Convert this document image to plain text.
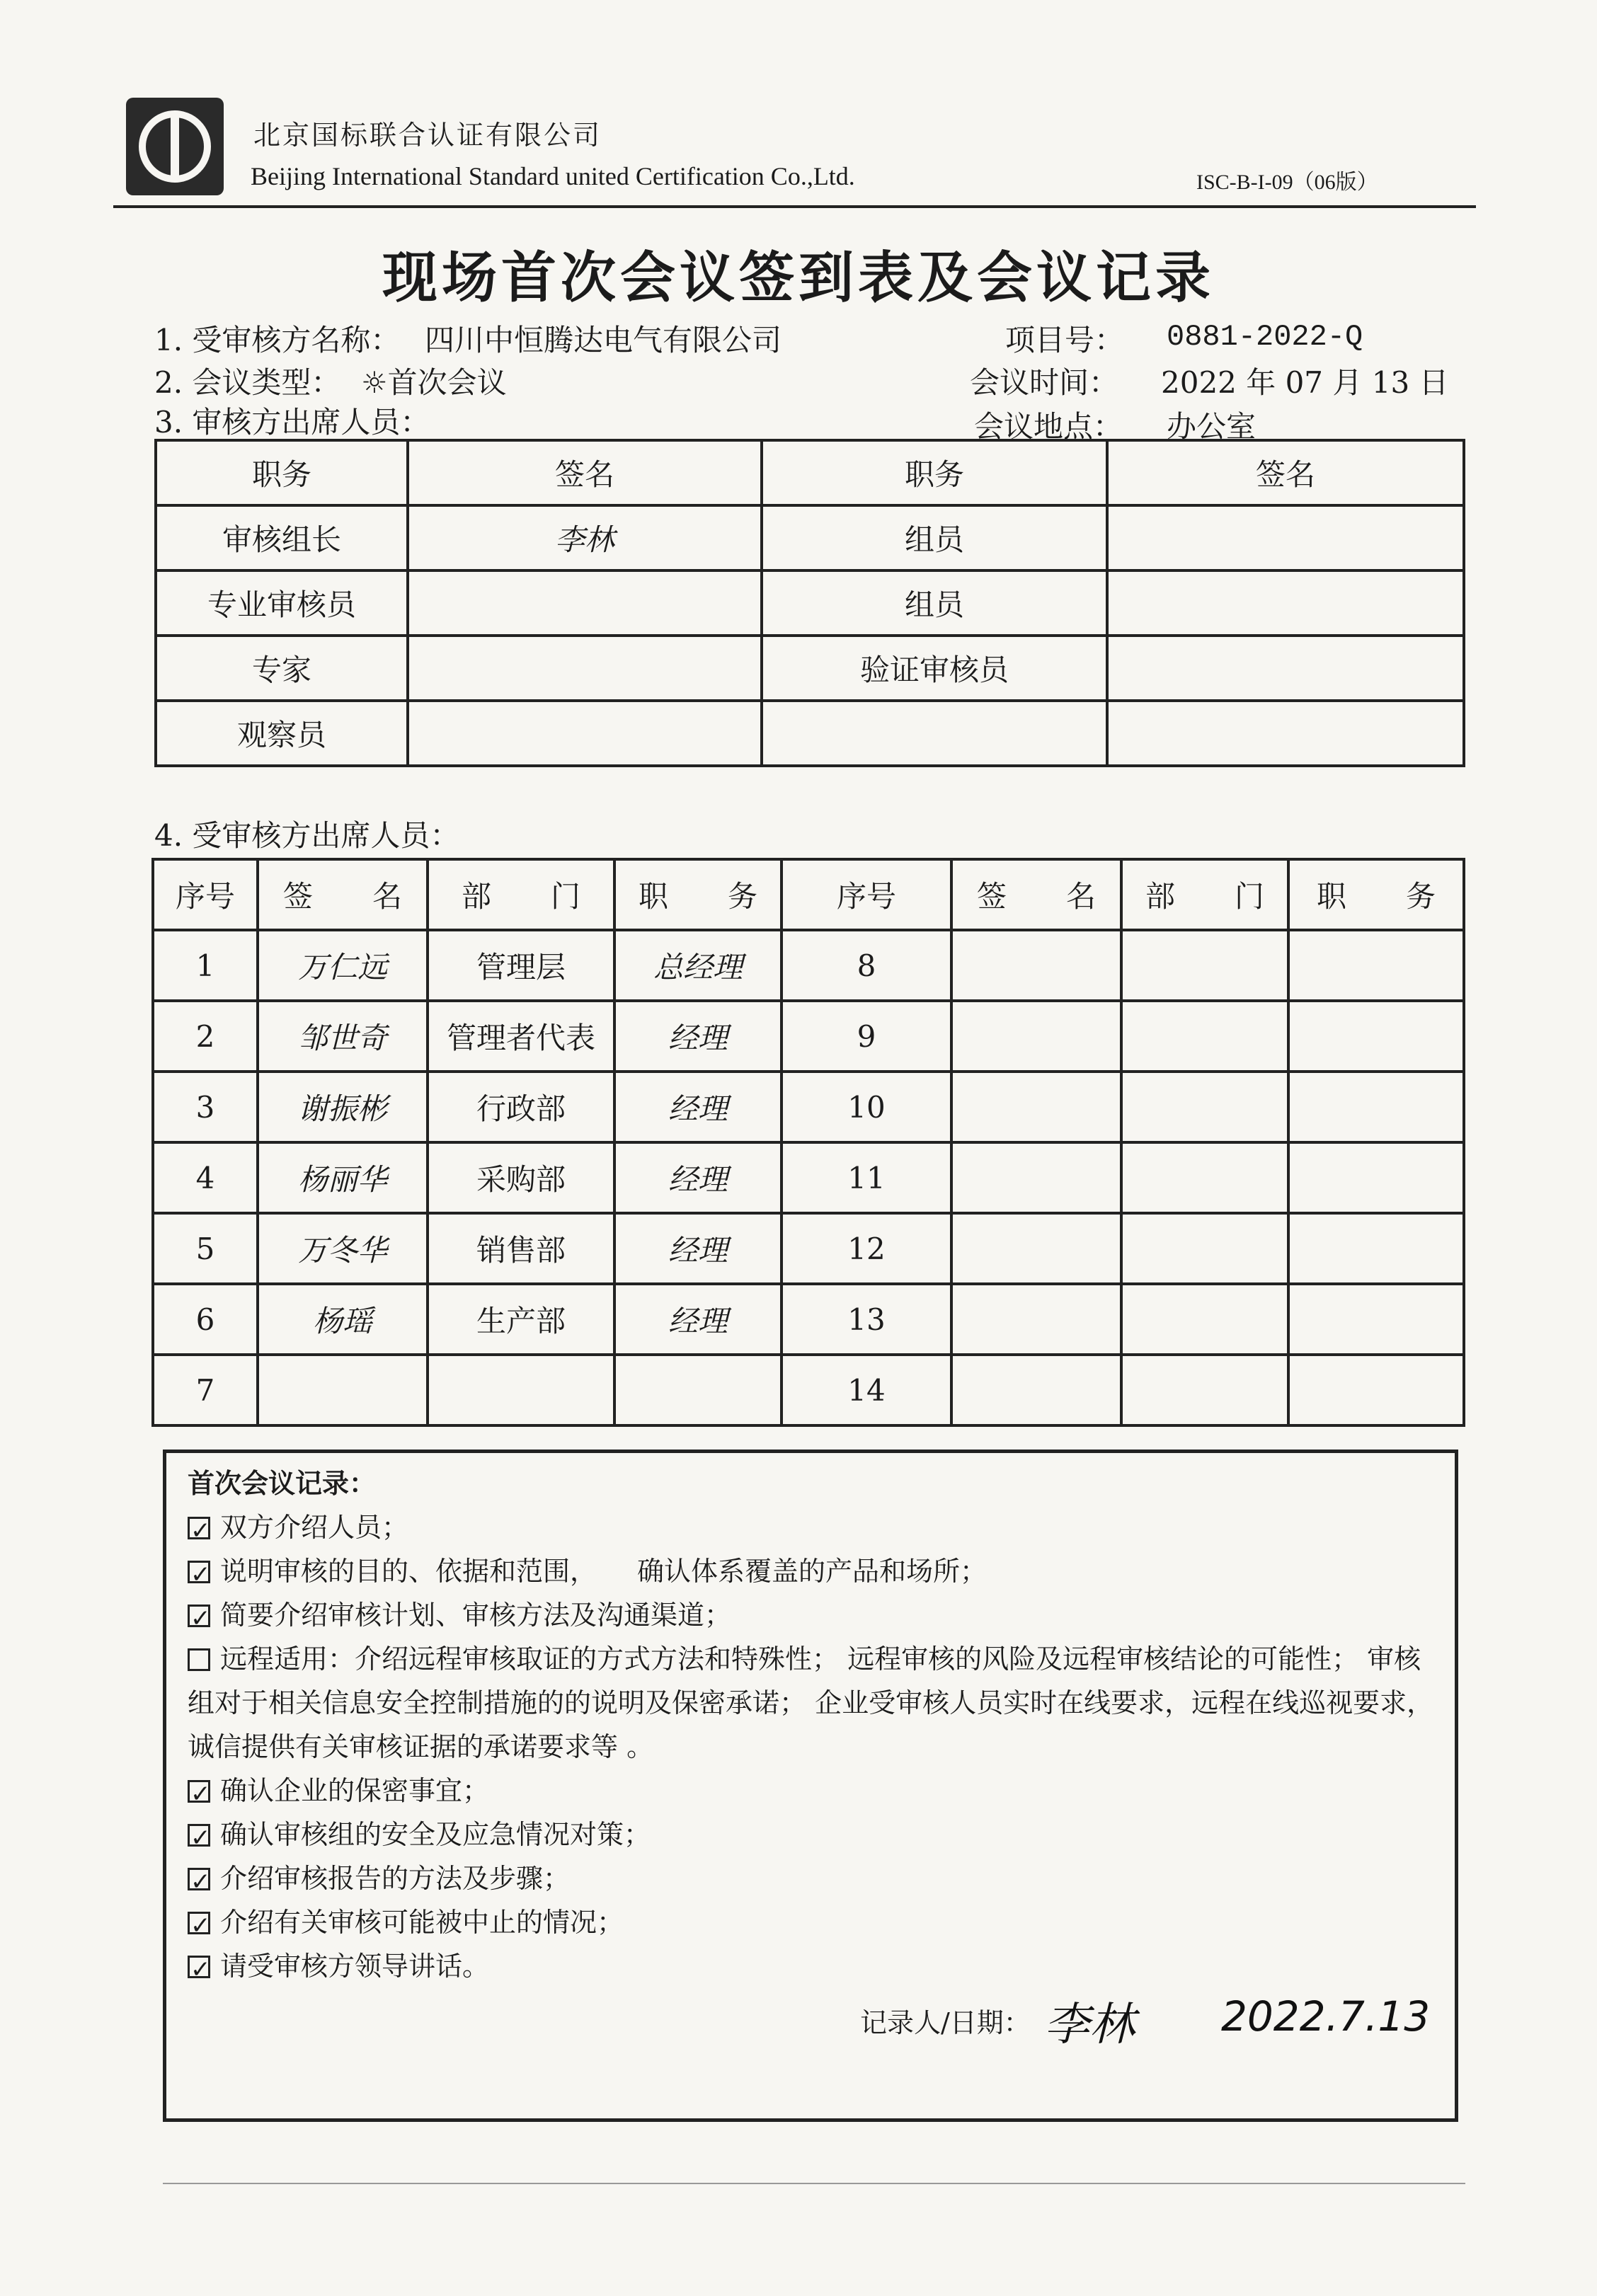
北京国标联合认证有限公司
Beijing International Standard united Certification Co.,Ltd.	ISC-B-I-09（06版）
现场首次会议签到表及会议记录
1. 受审核方名称： 四川中恒腾达电气有限公司	项目号： 0881-2022-Q
2. 会议类型： ☼首次会议	会议时间： 2022 年 07 月 13 日
3. 审核方出席人员：	会议地点： 办公室
职务	签名	职务	签名
审核组长	李林	组员	
专业审核员		组员	
专家		验证审核员	
观察员			
4. 受审核方出席人员：
序号	签　　名	部　　门	职　　务	序号	签　　名	部　　门	职　　务
1	万仁远	管理层	总经理	8			
2	邹世奇	管理者代表	经理	9			
3	谢振彬	行政部	经理	10			
4	杨丽华	采购部	经理	11			
5	万冬华	销售部	经理	12			
6	杨瑶	生产部	经理	13			
7				14			
首次会议记录：
✓双方介绍人员；
✓说明审核的目的、依据和范围，　　确认体系覆盖的产品和场所；
✓简要介绍审核计划、审核方法及沟通渠道；
远程适用：介绍远程审核取证的方式方法和特殊性； 远程审核的风险及远程审核结论的可能性； 审核组对于相关信息安全控制措施的的说明及保密承诺； 企业受审核人员实时在线要求，远程在线巡视要求，诚信提供有关审核证据的承诺要求等 。
✓确认企业的保密事宜；
✓确认审核组的安全及应急情况对策；
✓介绍审核报告的方法及步骤；
✓介绍有关审核可能被中止的情况；
✓请受审核方领导讲话。
记录人/日期： 李林 2022.7.13
